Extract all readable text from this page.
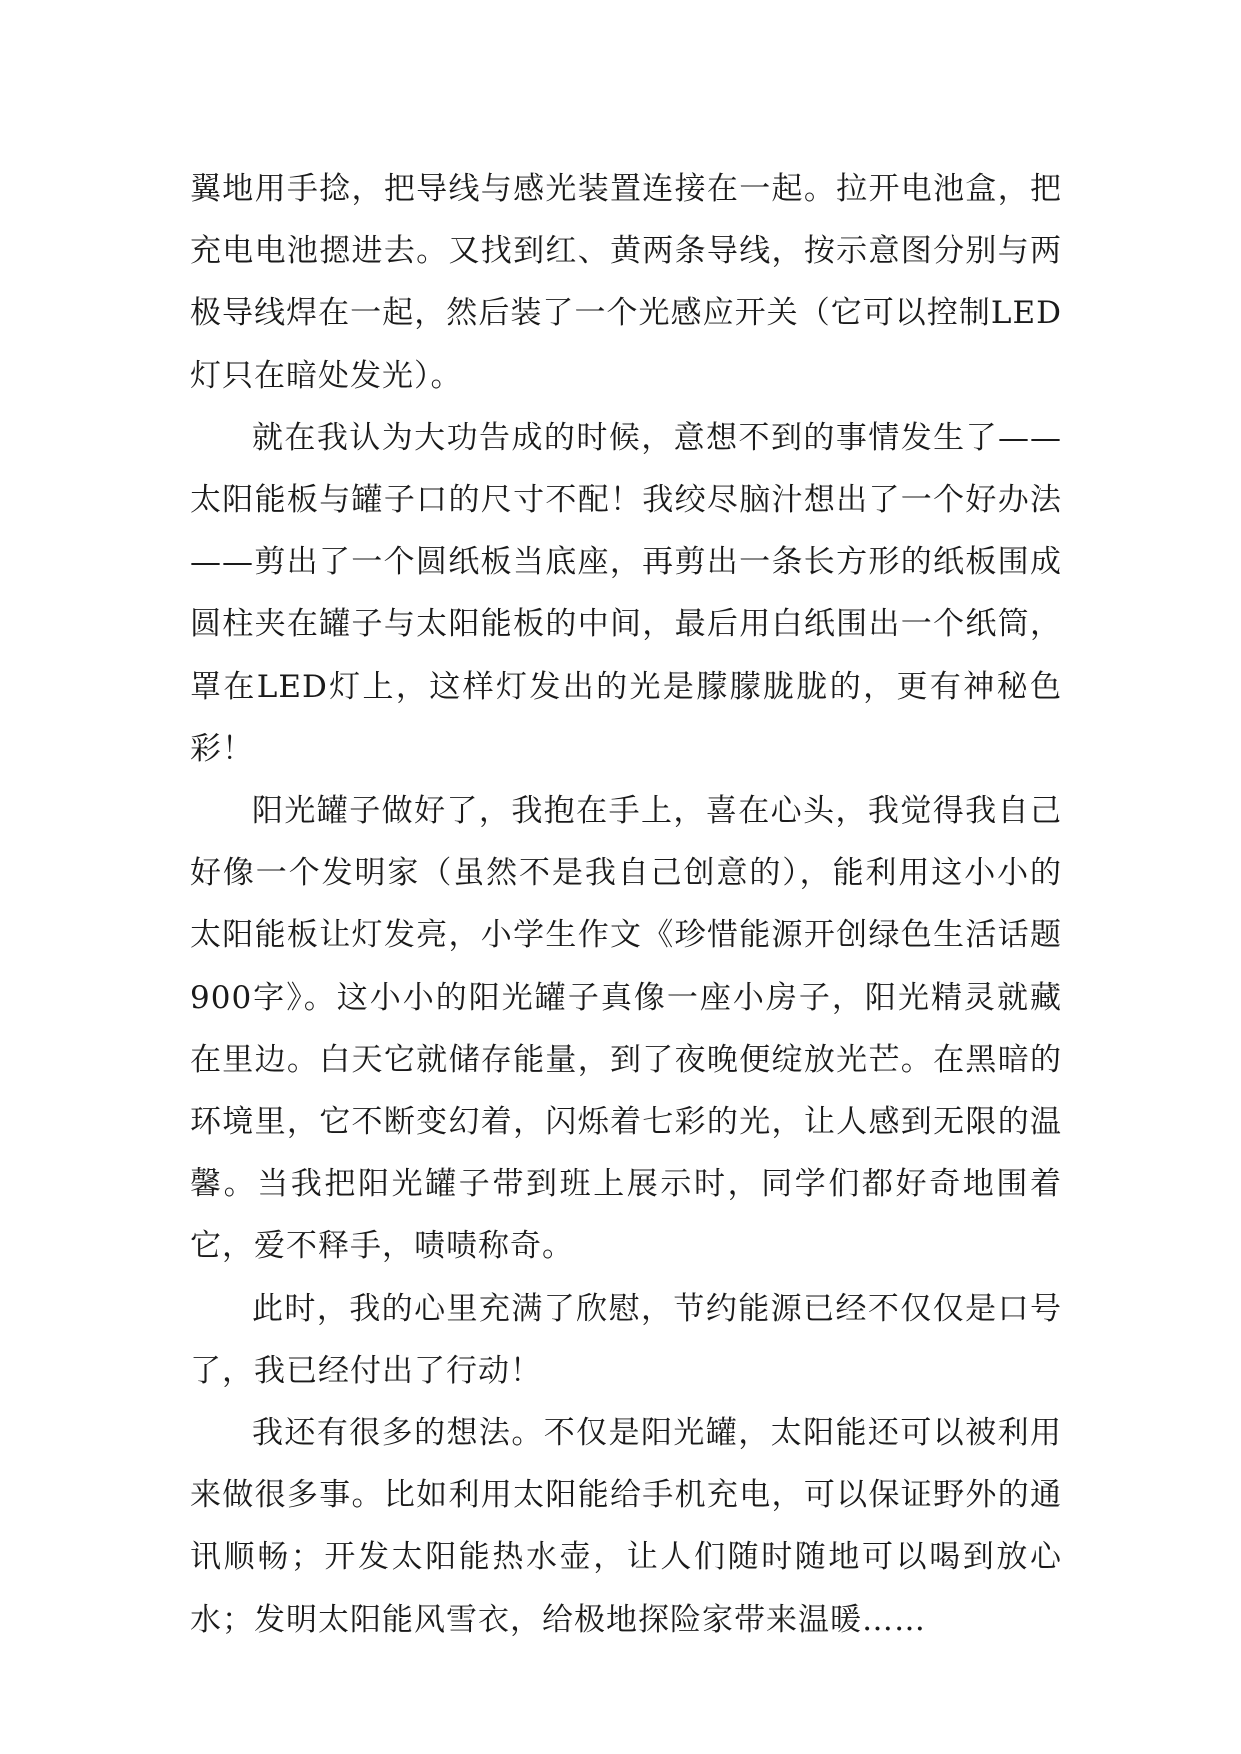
翼地用手捻，把导线与感光装置连接在一起。拉开电池盒，把充电电池摁进去。又找到红、黄两条导线，按示意图分别与两极导线焊在一起，然后装了一个光感应开关（它可以控制LED灯只在暗处发光）。

就在我认为大功告成的时候，意想不到的事情发生了——太阳能板与罐子口的尺寸不配！我绞尽脑汁想出了一个好办法——剪出了一个圆纸板当底座，再剪出一条长方形的纸板围成圆柱夹在罐子与太阳能板的中间，最后用白纸围出一个纸筒，罩在LED灯上，这样灯发出的光是朦朦胧胧的，更有神秘色彩！

阳光罐子做好了，我抱在手上，喜在心头，我觉得我自己好像一个发明家（虽然不是我自己创意的），能利用这小小的太阳能板让灯发亮，小学生作文《珍惜能源开创绿色生活话题900字》。这小小的阳光罐子真像一座小房子，阳光精灵就藏在里边。白天它就储存能量，到了夜晚便绽放光芒。在黑暗的环境里，它不断变幻着，闪烁着七彩的光，让人感到无限的温馨。当我把阳光罐子带到班上展示时，同学们都好奇地围着它，爱不释手，啧啧称奇。

此时，我的心里充满了欣慰，节约能源已经不仅仅是口号了，我已经付出了行动！

我还有很多的想法。不仅是阳光罐，太阳能还可以被利用来做很多事。比如利用太阳能给手机充电，可以保证野外的通讯顺畅；开发太阳能热水壶，让人们随时随地可以喝到放心水；发明太阳能风雪衣，给极地探险家带来温暖……
